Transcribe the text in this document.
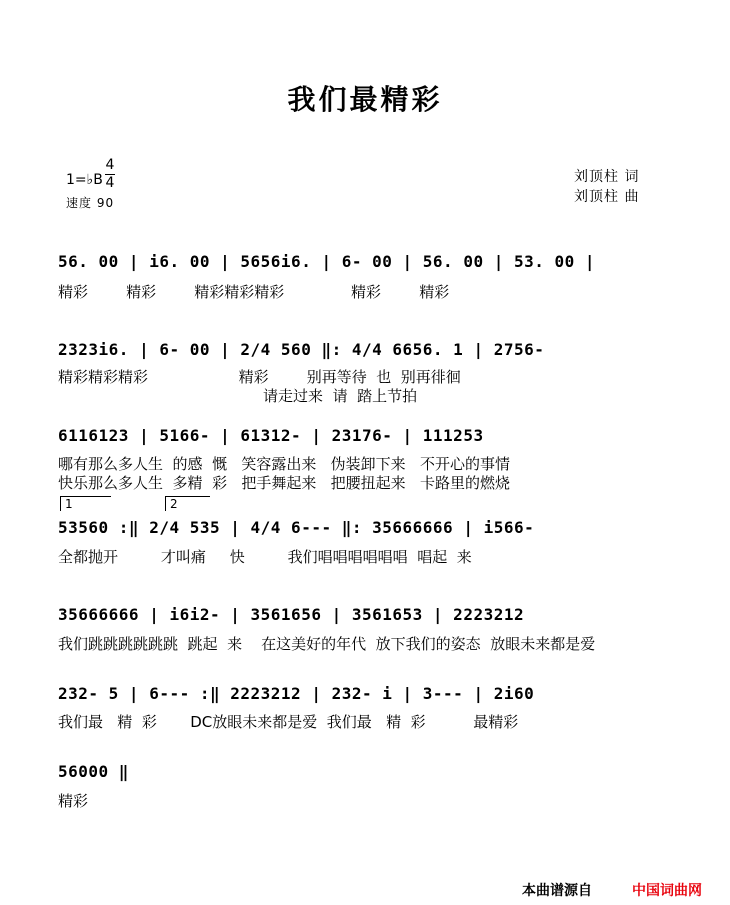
我们最精彩
1=♭B
4
4
速度 90
刘顶柱 词
刘顶柱 曲
56. 00 | i6. 00 | 5656i6. | 6- 00 | 56. 00 | 53. 00 |
精彩        精彩        精彩精彩精彩              精彩        精彩
2323i6. | 6- 00 | 2/4 560 ‖: 4/4 6656. 1 | 2756-
精彩精彩精彩                   精彩        别再等待  也  别再徘徊
请走过来  请  踏上节拍
6116123 | 5166- | 61312- | 23176- | 111253
哪有那么多人生  的感  慨   笑容露出来   伪装卸下来   不开心的事情
快乐那么多人生  多精  彩   把手舞起来   把腰扭起来   卡路里的燃烧
1	2
53560 :‖ 2/4 535 | 4/4 6--- ‖: 35666666 | i566-
全都抛开         才叫痛     快         我们唱唱唱唱唱唱  唱起  来
35666666 | i6i2- | 3561656 | 3561653 | 2223212
我们跳跳跳跳跳跳  跳起  来    在这美好的年代  放下我们的姿态  放眼未来都是爱
232- 5 | 6--- :‖ 2223212 | 232- i | 3--- | 2i60
我们最   精  彩       DC放眼未来都是爱  我们最   精  彩          最精彩
56000 ‖
精彩
本曲谱源自	中国词曲网
